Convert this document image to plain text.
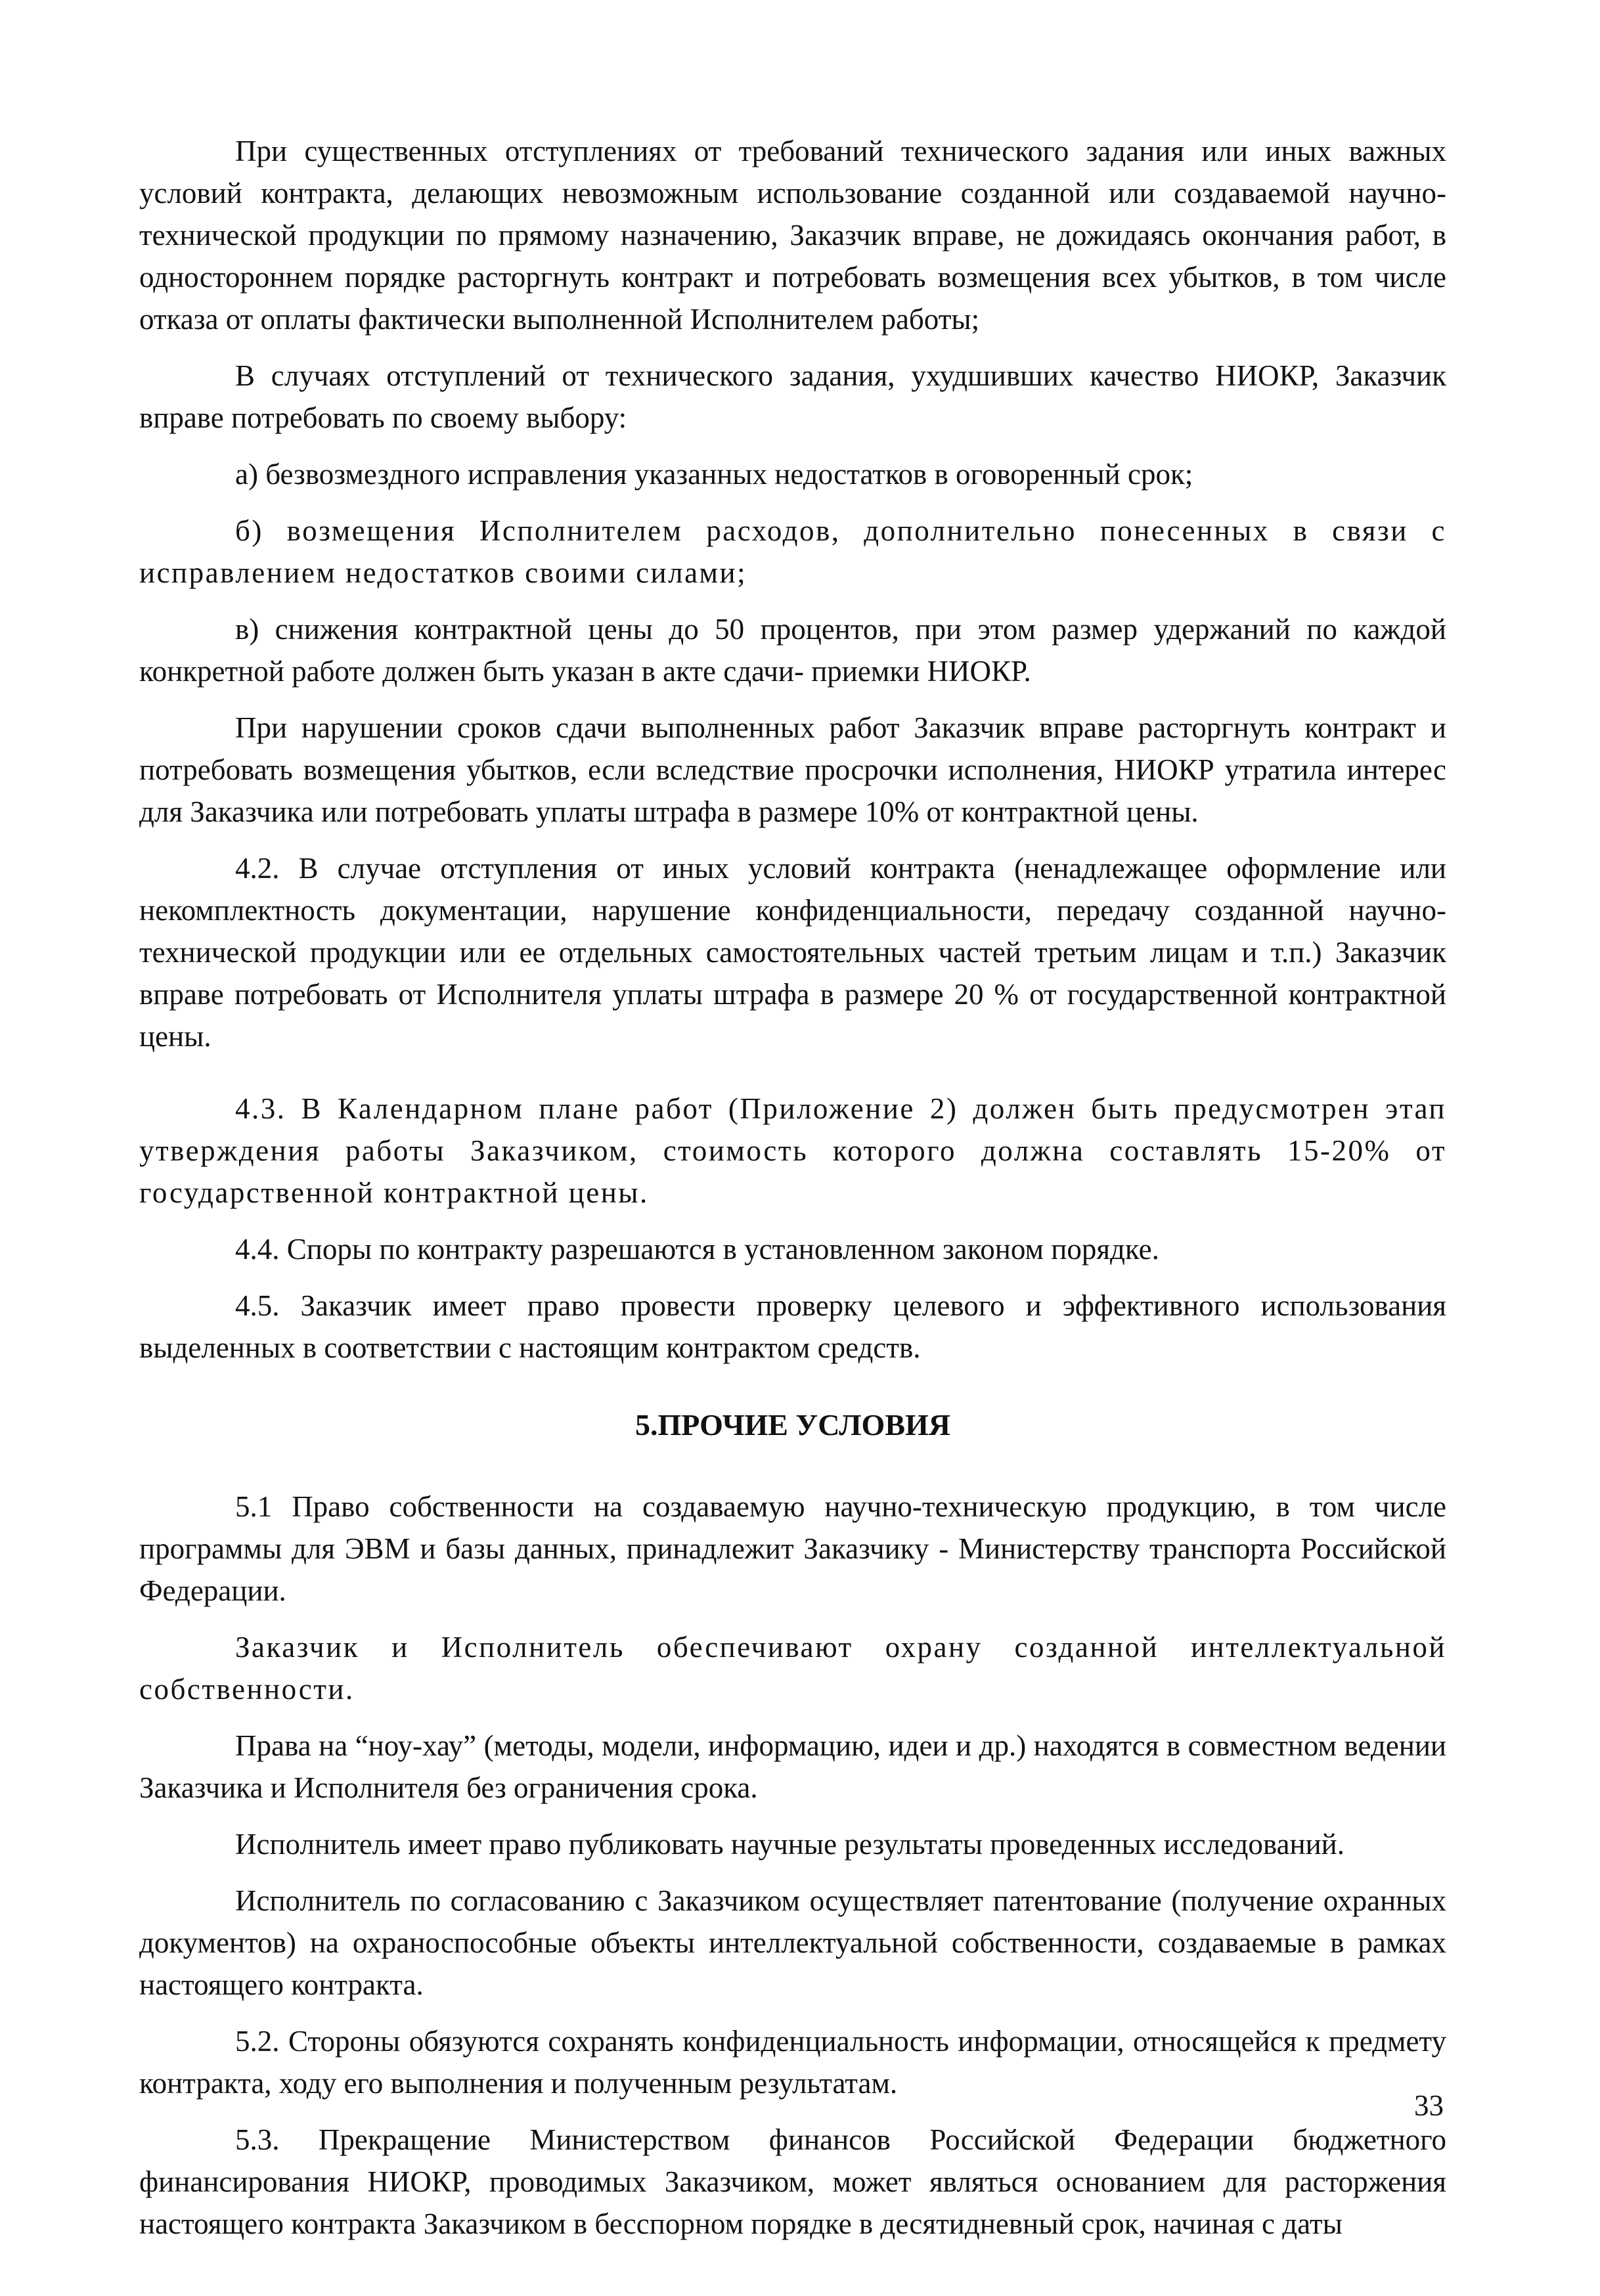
При существенных отступлениях от требований технического задания или иных важных условий контракта, делающих невозможным использование созданной или создаваемой научно-технической продукции по прямому назначению, Заказчик вправе, не дожидаясь окончания работ, в одностороннем порядке расторгнуть контракт и потребовать возмещения всех убытков, в том числе отказа от оплаты фактически выполненной Исполнителем работы;

В случаях отступлений от технического задания, ухудшивших качество НИОКР, Заказчик вправе потребовать по своему выбору:

а) безвозмездного исправления указанных недостатков в оговоренный срок;

б) возмещения Исполнителем расходов, дополнительно понесенных в связи с исправлением недостатков своими силами;

в) снижения контрактной цены до 50 процентов, при этом размер удержаний по каждой конкретной работе должен быть указан в акте сдачи- приемки НИОКР.

При нарушении сроков сдачи выполненных работ Заказчик вправе расторгнуть контракт и потребовать возмещения убытков, если вследствие просрочки исполнения, НИОКР утратила интерес для Заказчика или потребовать уплаты штрафа в размере 10% от контрактной цены.

4.2. В случае отступления от иных условий контракта (ненадлежащее оформление или некомплектность документации, нарушение конфиденциальности, передачу созданной научно-технической продукции или ее отдельных самостоятельных частей третьим лицам и т.п.) Заказчик вправе потребовать от Исполнителя уплаты штрафа в размере 20 % от государственной контрактной цены.

4.3. В Календарном плане работ (Приложение 2) должен быть предусмотрен этап утверждения работы Заказчиком, стоимость которого должна составлять 15-20% от государственной контрактной цены.

4.4. Споры по контракту разрешаются в установленном законом порядке.

4.5. Заказчик имеет право провести проверку целевого и эффективного использования выделенных в соответствии с настоящим контрактом средств.

5.ПРОЧИЕ УСЛОВИЯ

5.1 Право собственности на создаваемую научно-техническую продукцию, в том числе программы для ЭВМ и базы данных, принадлежит Заказчику - Министерству транспорта Российской Федерации.

Заказчик и Исполнитель обеспечивают охрану созданной интеллектуальной собственности.

Права на “ноу-хау” (методы, модели, информацию, идеи и др.) находятся в совместном ведении Заказчика и Исполнителя без ограничения срока.

Исполнитель имеет право публиковать научные результаты проведенных исследований.

Исполнитель по согласованию с Заказчиком осуществляет патентование (получение охранных документов) на охраноспособные объекты интеллектуальной собственности, создаваемые в рамках настоящего контракта.

5.2. Стороны обязуются сохранять конфиденциальность информации, относящейся к предмету контракта, ходу его выполнения и полученным результатам.

5.3. Прекращение Министерством финансов Российской Федерации бюджетного финансирования НИОКР, проводимых Заказчиком, может являться основанием для расторжения настоящего контракта Заказчиком в бесспорном порядке в десятидневный срок, начиная с даты

33
